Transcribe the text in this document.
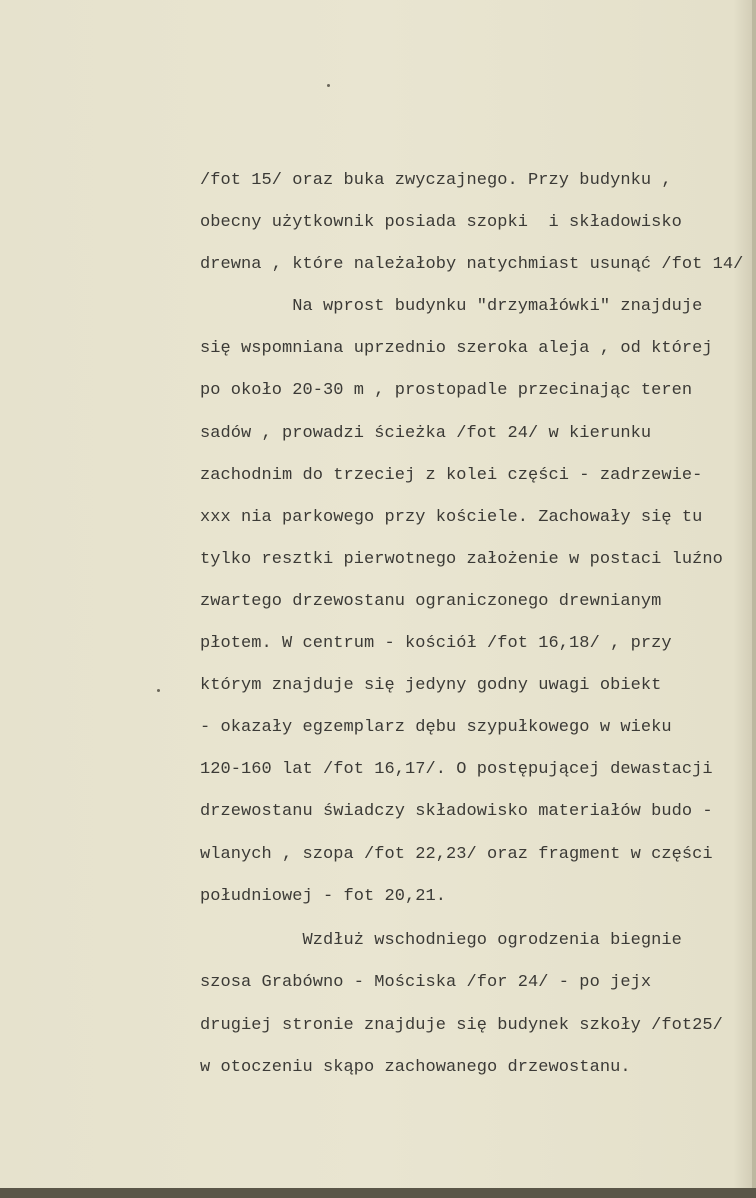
/fot 15/ oraz buka zwyczajnego. Przy budynku ,
obecny użytkownik posiada szopki  i składowisko
drewna , które należałoby natychmiast usunąć /fot 14/
Na wprost budynku "drzymałówki" znajduje
się wspomniana uprzednio szeroka aleja , od której
po około 20-30 m , prostopadle przecinając teren
sadów , prowadzi ścieżka /fot 24/ w kierunku
zachodnim do trzeciej z kolei części - zadrzewie-
xxx nia parkowego przy kościele. Zachowały się tu
tylko resztki pierwotnego założenie w postaci luźno
zwartego drzewostanu ograniczonego drewnianym
płotem. W centrum - kościół /fot 16,18/ , przy
którym znajduje się jedyny godny uwagi obiekt
- okazały egzemplarz dębu szypułkowego w wieku
120-160 lat /fot 16,17/. O postępującej dewastacji
drzewostanu świadczy składowisko materiałów budo -
wlanych , szopa /fot 22,23/ oraz fragment w części
południowej - fot 20,21.
Wzdłuż wschodniego ogrodzenia biegnie
szosa Grabówno - Mościska /for 24/ - po jejx
drugiej stronie znajduje się budynek szkoły /fot25/
w otoczeniu skąpo zachowanego drzewostanu.
